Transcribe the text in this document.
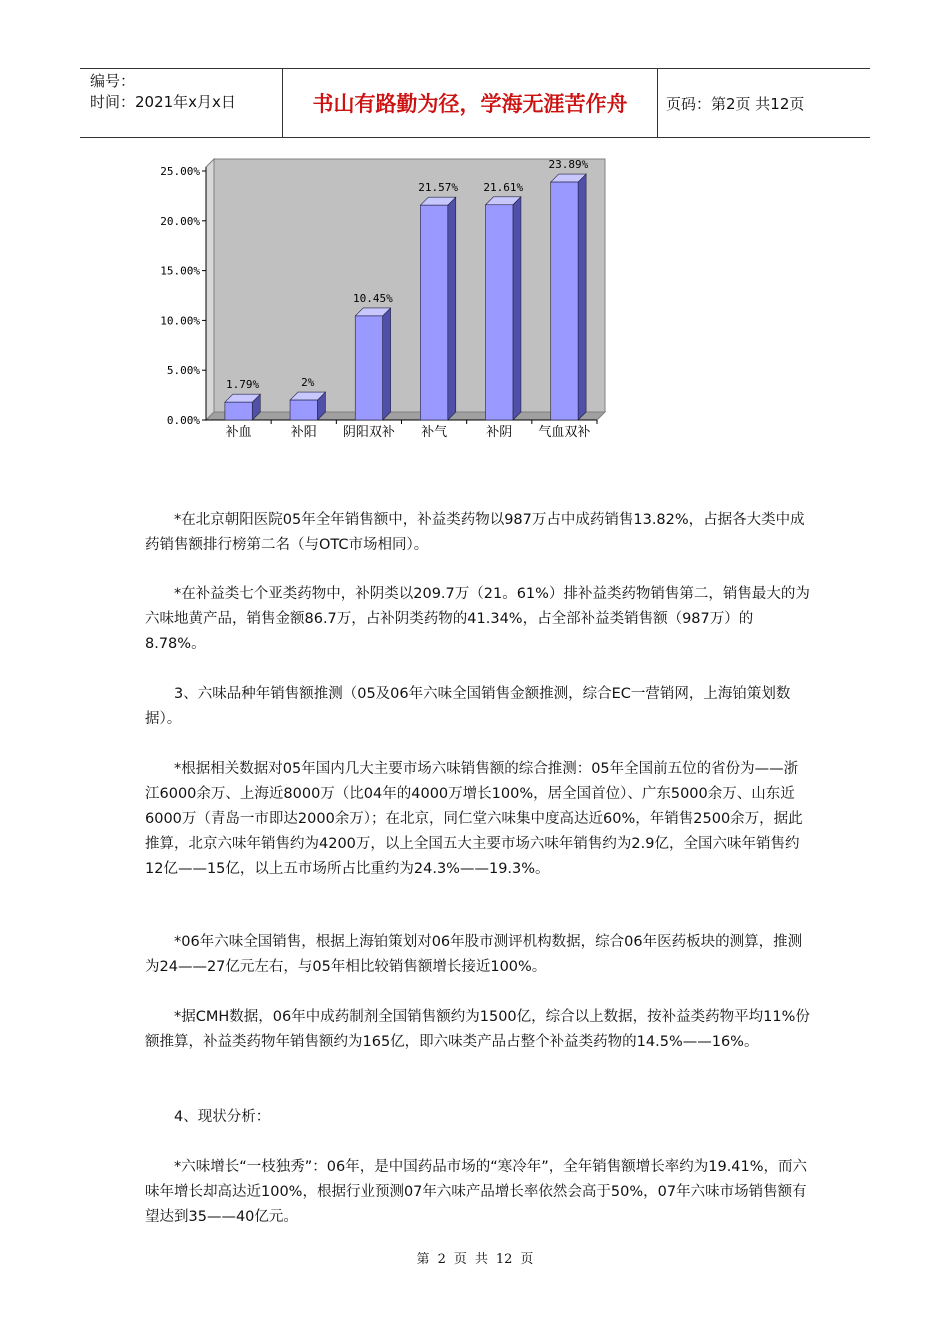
编号：
时间：2021年x月x日	书山有路勤为径，学海无涯苦作舟	页码：第2页 共12页
0.00%
5.00%
10.00%
15.00%
20.00%
25.00%
1.79%
补血
2%
补阳
10.45%
阴阳双补
21.57%
补气
21.61%
补阴
23.89%
气血双补

*在北京朝阳医院05年全年销售额中，补益类药物以987万占中成药销售13.82%，占据各大类中成药销售额排行榜第二名（与OTC市场相同）。

*在补益类七个亚类药物中，补阴类以209.7万（21。61%）排补益类药物销售第二，销售最大的为六味地黄产品，销售金额86.7万，占补阴类药物的41.34%，占全部补益类销售额（987万）的8.78%。

3、六味品种年销售额推测（05及06年六味全国销售金额推测，综合EC一营销网，上海铂策划数据）。

*根据相关数据对05年国内几大主要市场六味销售额的综合推测：05年全国前五位的省份为——浙江6000余万、上海近8000万（比04年的4000万增长100%，居全国首位）、广东5000余万、山东近6000万（青岛一市即达2000余万）；在北京，同仁堂六味集中度高达近60%，年销售2500余万，据此推算，北京六味年销售约为4200万，以上全国五大主要市场六味年销售约为2.9亿，全国六味年销售约12亿——15亿，以上五市场所占比重约为24.3%——19.3%。

*06年六味全国销售，根据上海铂策划对06年股市测评机构数据，综合06年医药板块的测算，推测为24——27亿元左右，与05年相比较销售额增长接近100%。

*据CMH数据，06年中成药制剂全国销售额约为1500亿，综合以上数据，按补益类药物平均11%份额推算，补益类药物年销售额约为165亿，即六味类产品占整个补益类药物的14.5%——16%。

4、现状分析：

*六味增长“一枝独秀”：06年，是中国药品市场的“寒冷年”，全年销售额增长率约为19.41%，而六味年增长却高达近100%，根据行业预测07年六味产品增长率依然会高于50%，07年六味市场销售额有望达到35——40亿元。

第 2 页 共 12 页
